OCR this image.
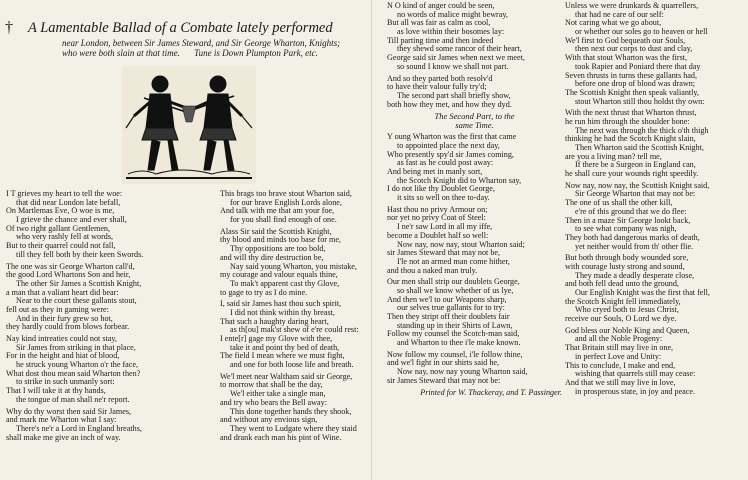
† A Lamentable Ballad of a Combate lately performed
near London, between Sir James Steward, and Sir George Wharton, Knights;
who were both slain at that time. Tune is Down Plumpton Park, etc.
I T grieves my heart to tell the woe:
that did near London late befall,
On Martlemas Eve, O woe is me,
I grieve the chance and ever shall,
Of two right gallant Gentlemen,
who very rashly fell at words,
But to their quarrel could not fall,
till they fell both by their keen Swords.
The one was sir George Wharton call'd,
the good Lord Whartons Son and heir,
The other Sir James a Scottish Knight,
a man that a valiant heart did bear:
Near to the court these gallants stout,
fell out as they in gaming were:
And in their fury grew so hot,
they hardly could from blows forbear.
Nay kind intreaties could not stay,
Sir James from striking in that place,
For in the height and hiat of blood,
he struck young Wharton o'r the face,
What dost thou mean said Wharton then?
to strike in such unmanly sort:
That I will take it at thy hands,
the tongue of man shall ne'r report.
Why do thy worst then said Sir James,
and mark me Wharton what I say:
There's ne'r a Lord in England breaths,
shall make me give an inch of way.
This brags too brave stout Wharton said,
for our brave English Lords alone,
And talk with me that am your foe,
for you shall find enough of one.
Alass Sir said the Scottish Knight,
thy blood and minds too base for me,
Thy oppositions are too bold,
and will thy dire destruction be,
Nay said young Wharton, you mistake,
my courage and valour equals thine,
To mak't apparent cast thy Glove,
to gage to try as I do mine.
I, said sir James hast thou such spirit,
I did not think within thy breast,
That such a haughty daring heart,
as th[ou] mak'st shew of e're could rest:
I ente[r] gage my Glove with thee,
take it and point thy bed of death,
The field I mean where we must fight,
and one for both loose life and breath.
We'l meet near Waltham said sir George,
to morrow that shall be the day,
We'l either take a single man,
and try who bears the Bell away:
This done together hands they shook,
and without any envious sign,
They went to Ludgate where they staid
and drank each man his pint of Wine.
N O kind of anger could be seen,
no words of malice might bewray,
But all was fair as calm as cool,
as love within their bosomes lay:
Till parting time and then indeed
they shewd some rancor of their heart,
George said sir James when next we meet,
so sound I know we shall not part.
And so they parted both resolv'd
to have their valour fully try'd;
The second part shall briefly show,
both how they met, and how they dyd.
The Second Part, to the
same Time.
Y oung Wharton was the first that came
to appointed place the next day,
Who presently spy'd sir James coming,
as fast as he could post away:
And being met in manly sort,
the Scotch Knight did to Wharton say,
I do not like thy Doublet George,
it sits so well on thee to-day.
Hast thou no privy Armour on;
nor yet no privy Coat of Steel:
I ne'r saw Lord in all my iffe,
become a Doublet half so well:
Now nay, now nay, stout Wharton said;
sir James Steward that may not be,
I'le not an armed man come hither,
and thou a naked man truly.
Our men shall strip our doublets George,
so shall we know whether of us lye,
And then we'l to our Weapons sharp,
our selves true gallants for to try:
Then they stript off their doublets fair
standing up in their Shirts of Lawn,
Follow my counsel the Scotch-man said,
and Wharton to thee i'le make known.
Now follow my counsel, i'le follow thine,
and we'l fight in our shirts said he,
Now nay, now nay young Wharton said,
sir James Steward that may not be:
Printed for W. Thackeray, and T. Passinger.
Unless we were drunkards & quarrellers,
that had ne care of our self:
Not caring what we go about,
or whether our soles go to heaven or hell
We'l first to God bequeath our Souls,
then next our corps to dust and clay,
With that stout Wharton was the first,
took Rapier and Poniard there that day
Seven thrusts in turns these gallants had,
before one drop of blood was drawn;
The Scottish Knight then speak valiantly,
stout Wharton still thou holdst thy own:
With the next thrust that Wharton thrust,
he run him through the shoulder bone:
The next was through the thick o'th thigh
thinking he had the Scotch Knight slain,
Then Wharton said the Scottish Knight,
are you a living man? tell me,
If there be a Surgeon in England can,
he shall cure your wounds right speedily.
Now nay, now nay, the Scottish Knight said,
Sir George Wharton that may not be:
The one of us shall the other kill,
e're of this ground that we do flee:
Then in a maze Sir George lookt back,
to see what company was nigh,
They both had dangerous marks of death,
yet neither would from th' other flie.
But both through body wounded sore,
with courage lusty strong and sound,
They made a deadly desperate close,
and both fell dead unto the ground,
Our English Knight was the first that fell,
the Scotch Knight fell immediately,
Who cryed both to Jesus Christ,
receive our Souls, O Lord we dye.
God bless our Noble King and Queen,
and all the Noble Progeny:
That Britain still may live in one,
in perfect Love and Unity:
This to conclude, I make and end,
wishing that quarrels still may cease:
And that we still may live in love,
in prosperous state, in joy and peace.
